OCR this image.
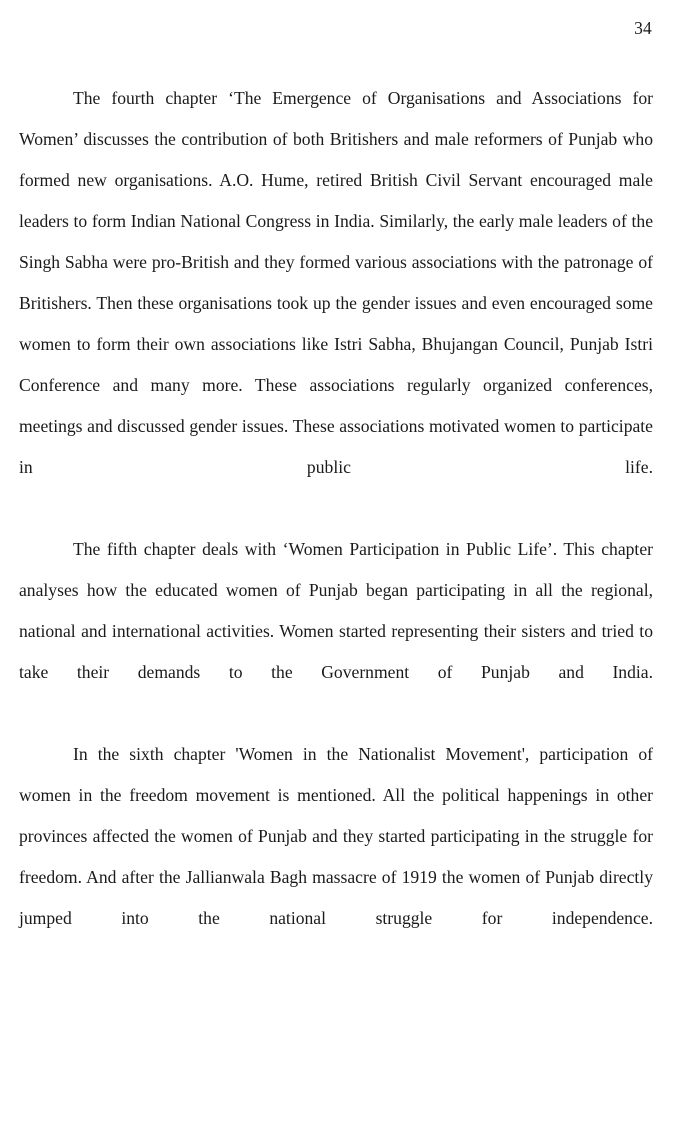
34

The fourth chapter ‘The Emergence of Organisations and Associations for Women’ discusses the contribution of both Britishers and male reformers of Punjab who formed new organisations. A.O. Hume, retired British Civil Servant encouraged male leaders to form Indian National Congress in India. Similarly, the early male leaders of the Singh Sabha were pro-British and they formed various associations with the patronage of Britishers. Then these organisations took up the gender issues and even encouraged some women to form their own associations like Istri Sabha, Bhujangan Council, Punjab Istri Conference and many more. These associations regularly organized conferences, meetings and discussed gender issues. These associations motivated women to participate in public life.

The fifth chapter deals with ‘Women Participation in Public Life’. This chapter analyses how the educated women of Punjab began participating in all the regional, national and international activities. Women started representing their sisters and tried to take their demands to the Government of Punjab and India.

In the sixth chapter 'Women in the Nationalist Movement', participation of women in the freedom movement is mentioned. All the political happenings in other provinces affected the women of Punjab and they started participating in the struggle for freedom. And after the Jallianwala Bagh massacre of 1919 the women of Punjab directly jumped into the national struggle for independence.
